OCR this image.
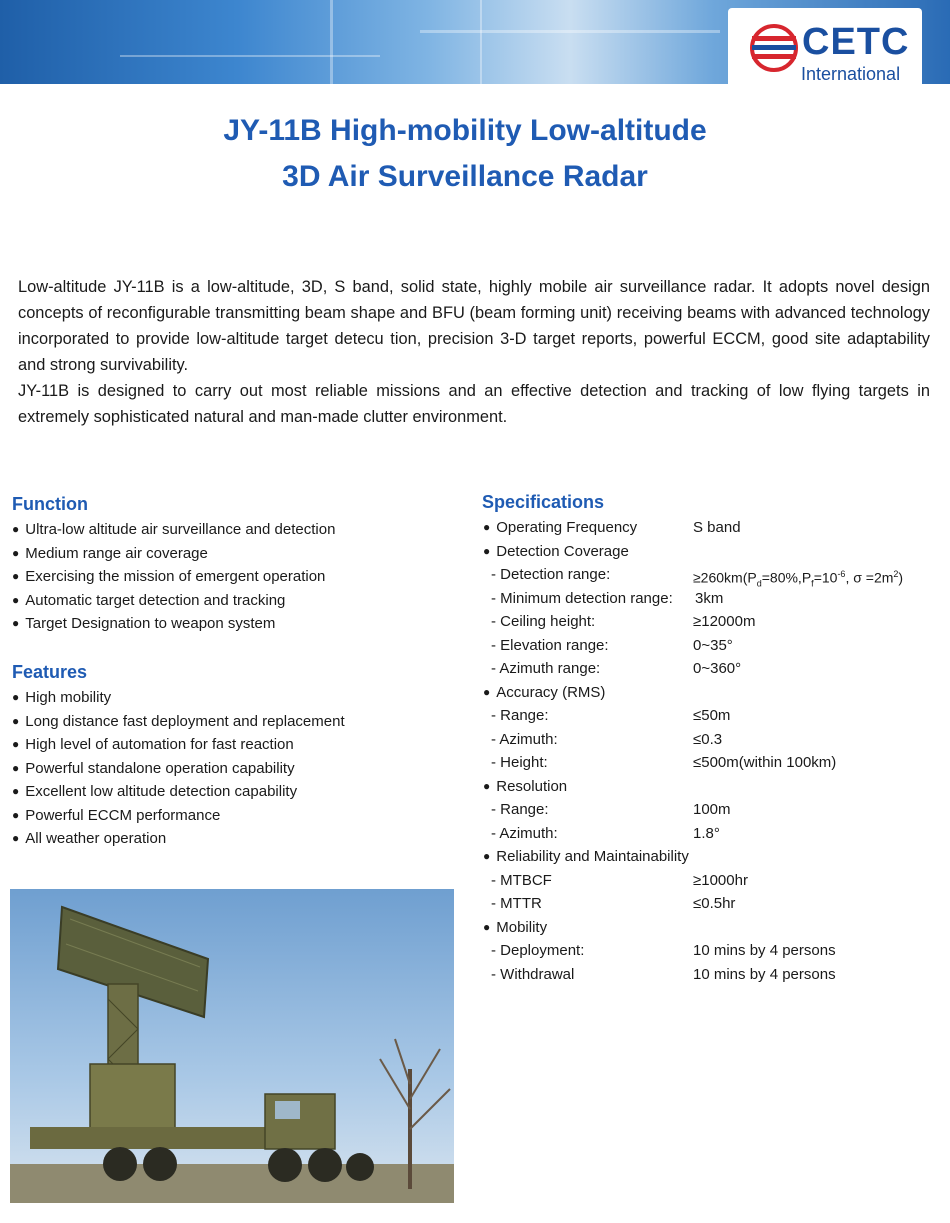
CETC
International
JY-11B High-mobility Low-altitude
3D Air Surveillance Radar

Low-altitude JY-11B is a low-altitude, 3D, S band, solid state, highly mobile air surveillance radar. It adopts novel design concepts of reconfigurable transmitting beam shape and BFU (beam forming unit) receiving beams with advanced technology incorporated to provide low-altitude target detecu tion, precision 3-D target reports, powerful ECCM, good site adaptability and strong survivability.

JY-11B is designed to carry out most reliable missions and an effective detection and tracking of low flying targets in extremely sophisticated natural and man-made clutter environment.

Function
● Ultra-low altitude air surveillance and detection
● Medium range air coverage
● Exercising the mission of emergent operation
● Automatic target detection and tracking
● Target Designation to weapon system
Features
● High mobility
● Long distance fast deployment and replacement
● High level of automation for fast reaction
● Powerful standalone operation capability
● Excellent low altitude detection capability
● Powerful ECCM performance
● All weather operation
Specifications
● Operating Frequency	S band
● Detection Coverage
- Detection range:	$\ge 260km(P_d=80\%,P_f=10^{-6}$, $\sigma =2m^2$)
- Minimum detection range: 3km
- Ceiling height:	≥12000m
- Elevation range:	0~35°
- Azimuth range:	0~360°
● Accuracy (RMS)
- Range:	≤50m
- Azimuth:	≤0.3
- Height:	≤500m(within 100km)
● Resolution
- Range:	100m
- Azimuth:	1.8°
● Reliability and Maintainability
- MTBCF	≥1000hr
- MTTR	≤0.5hr
● Mobility
- Deployment:	10 mins by 4 persons
- Withdrawal	10 mins by 4 persons
